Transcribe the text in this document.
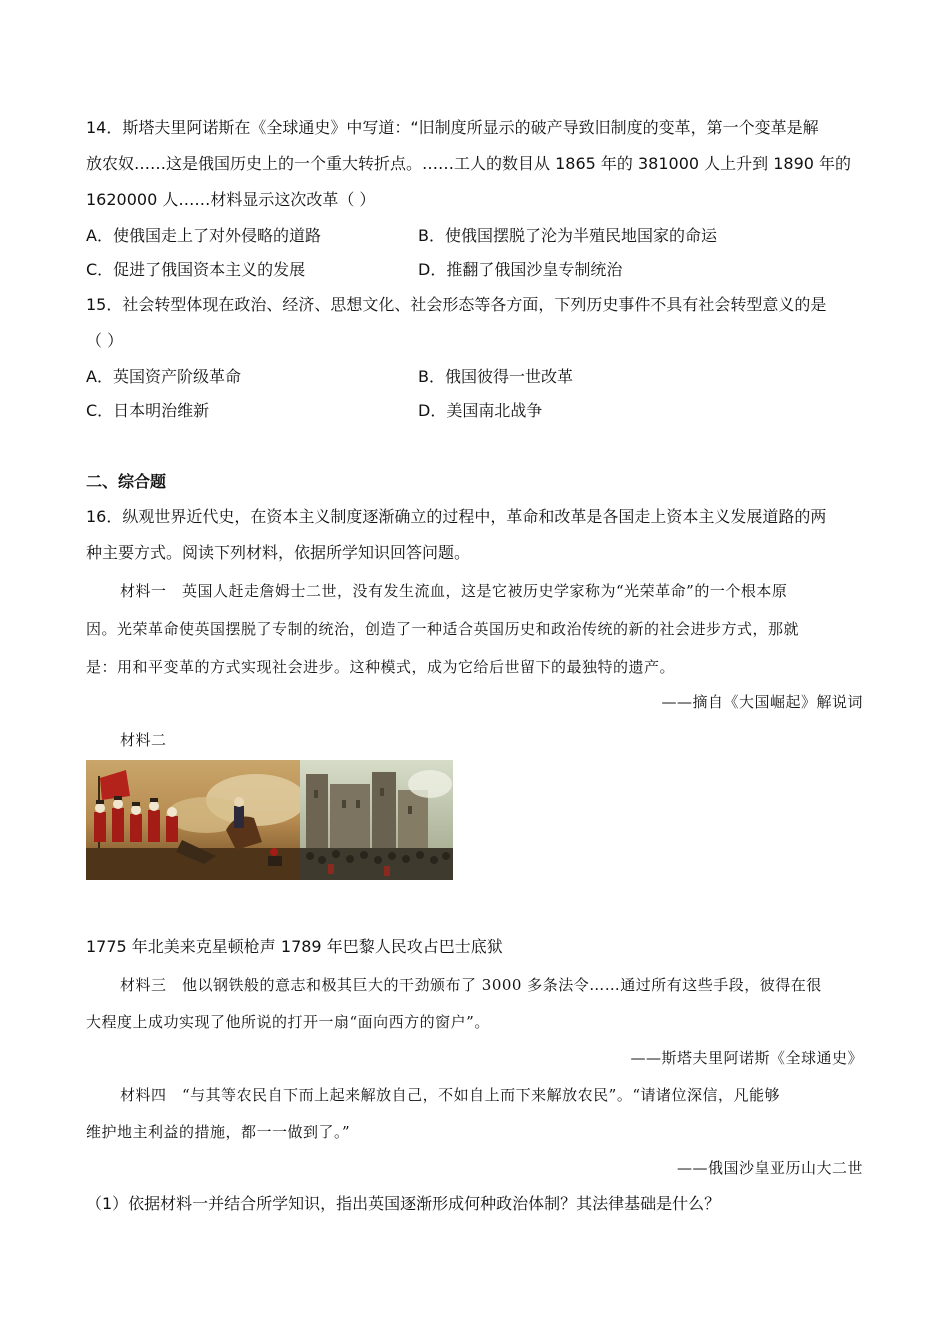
14．斯塔夫里阿诺斯在《全球通史》中写道：“旧制度所显示的破产导致旧制度的变革，第一个变革是解
放农奴……这是俄国历史上的一个重大转折点。……工人的数目从 1865 年的 381000 人上升到 1890 年的
1620000 人……材料显示这次改革（ ）
A．使俄国走上了对外侵略的道路	B．使俄国摆脱了沦为半殖民地国家的命运
C．促进了俄国资本主义的发展	D．推翻了俄国沙皇专制统治
15．社会转型体现在政治、经济、思想文化、社会形态等各方面，下列历史事件不具有社会转型意义的是
（ ）
A．英国资产阶级革命	B．俄国彼得一世改革
C．日本明治维新	D．美国南北战争
二、综合题
16．纵观世界近代史，在资本主义制度逐渐确立的过程中，革命和改革是各国走上资本主义发展道路的两
种主要方式。阅读下列材料，依据所学知识回答问题。
材料一　英国人赶走詹姆士二世，没有发生流血，这是它被历史学家称为“光荣革命”的一个根本原
因。光荣革命使英国摆脱了专制的统治，创造了一种适合英国历史和政治传统的新的社会进步方式，那就
是：用和平变革的方式实现社会进步。这种模式，成为它给后世留下的最独特的遗产。
——摘自《大国崛起》解说词
材料二
1775 年北美来克星顿枪声 1789 年巴黎人民攻占巴士底狱
材料三　他以钢铁般的意志和极其巨大的干劲颁布了 3000 多条法令……通过所有这些手段，彼得在很
大程度上成功实现了他所说的打开一扇“面向西方的窗户”。
——斯塔夫里阿诺斯《全球通史》
材料四　“与其等农民自下而上起来解放自己，不如自上而下来解放农民”。“请诸位深信，凡能够
维护地主利益的措施，都一一做到了。”
——俄国沙皇亚历山大二世
（1）依据材料一并结合所学知识，指出英国逐渐形成何种政治体制？其法律基础是什么？
